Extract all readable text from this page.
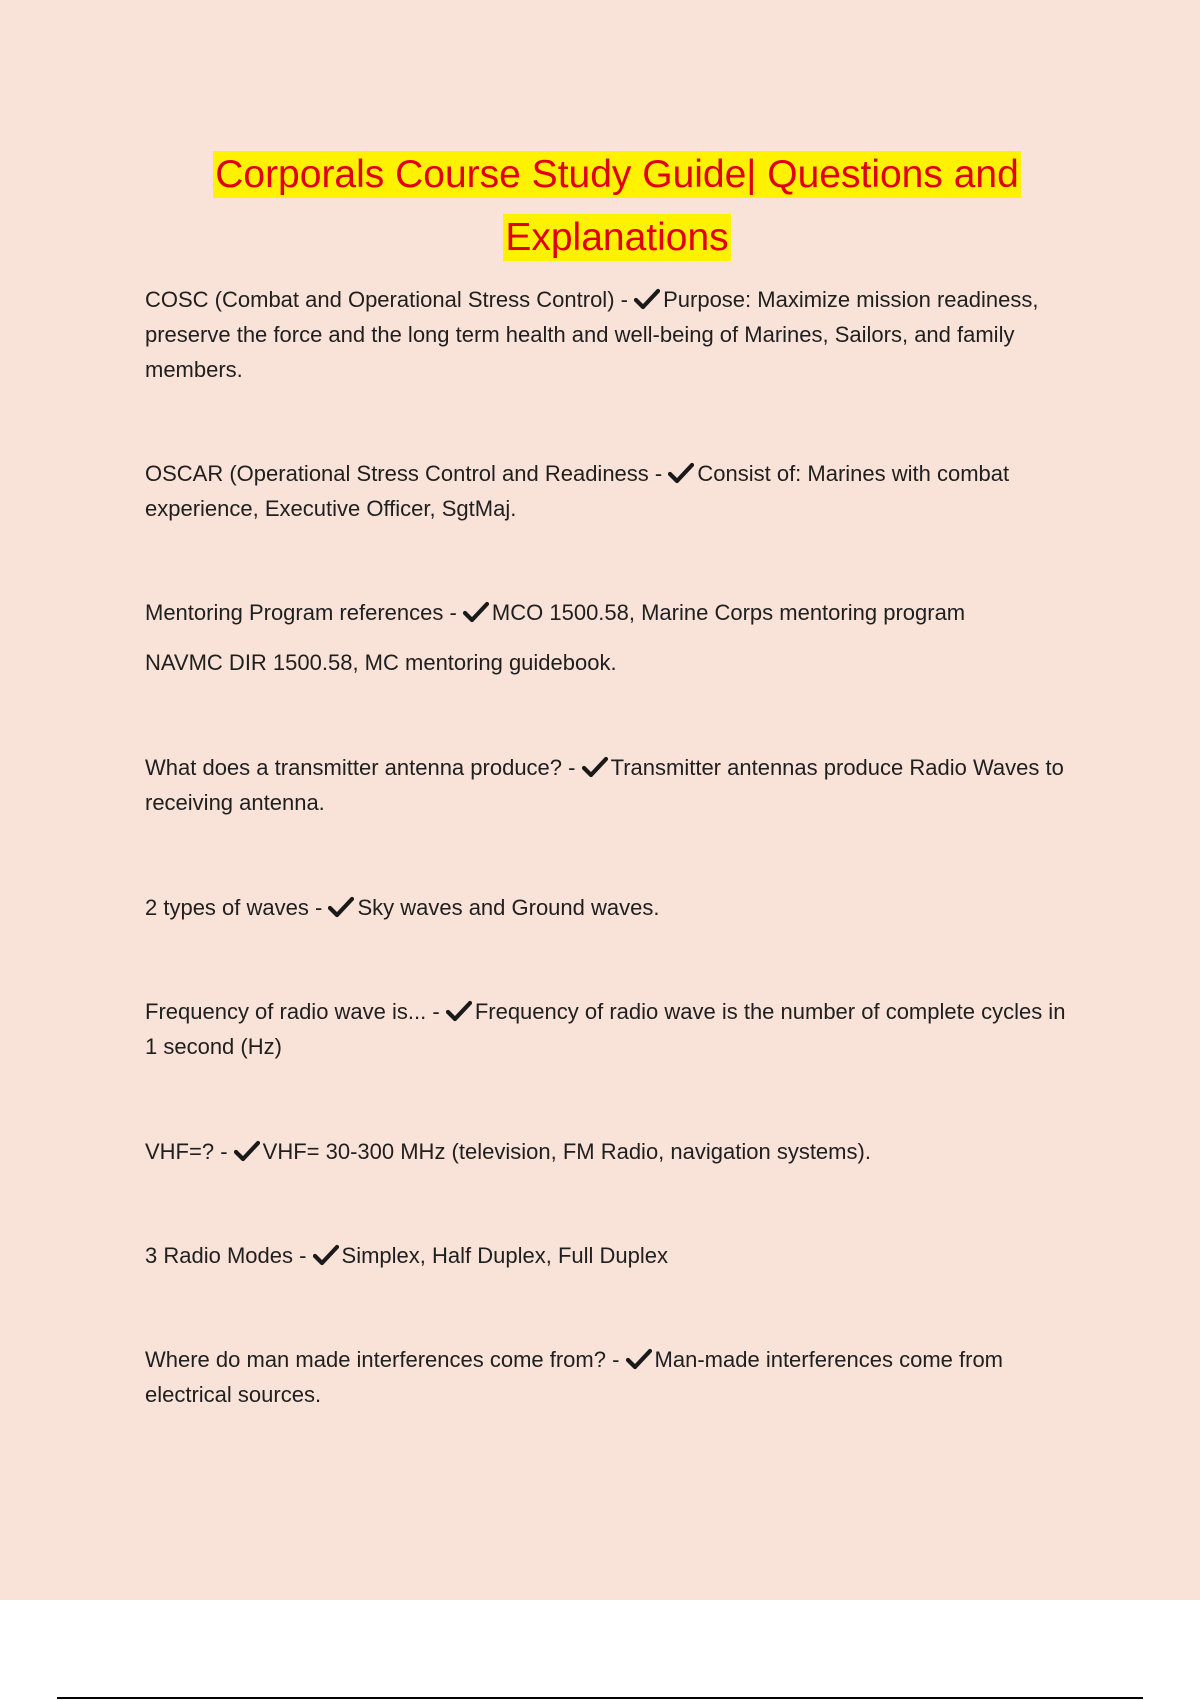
Corporals Course Study Guide| Questions and
Explanations

COSC (Combat and Operational Stress Control) -
Purpose: Maximize mission readiness, preserve the force and the long term health and well-being of Marines, Sailors, and family members.

OSCAR (Operational Stress Control and Readiness -
Consist of: Marines with combat experience, Executive Officer, SgtMaj.

Mentoring Program references -
MCO 1500.58, Marine Corps mentoring program

NAVMC DIR 1500.58, MC mentoring guidebook.

What does a transmitter antenna produce? -
Transmitter antennas produce Radio Waves to receiving antenna.

2 types of waves -
Sky waves and Ground waves.

Frequency of radio wave is... -
Frequency of radio wave is the number of complete cycles in 1 second (Hz)

VHF=? -
VHF= 30-300 MHz (television, FM Radio, navigation systems).

3 Radio Modes -
Simplex, Half Duplex, Full Duplex

Where do man made interferences come from? -
Man-made interferences come from electrical sources.
